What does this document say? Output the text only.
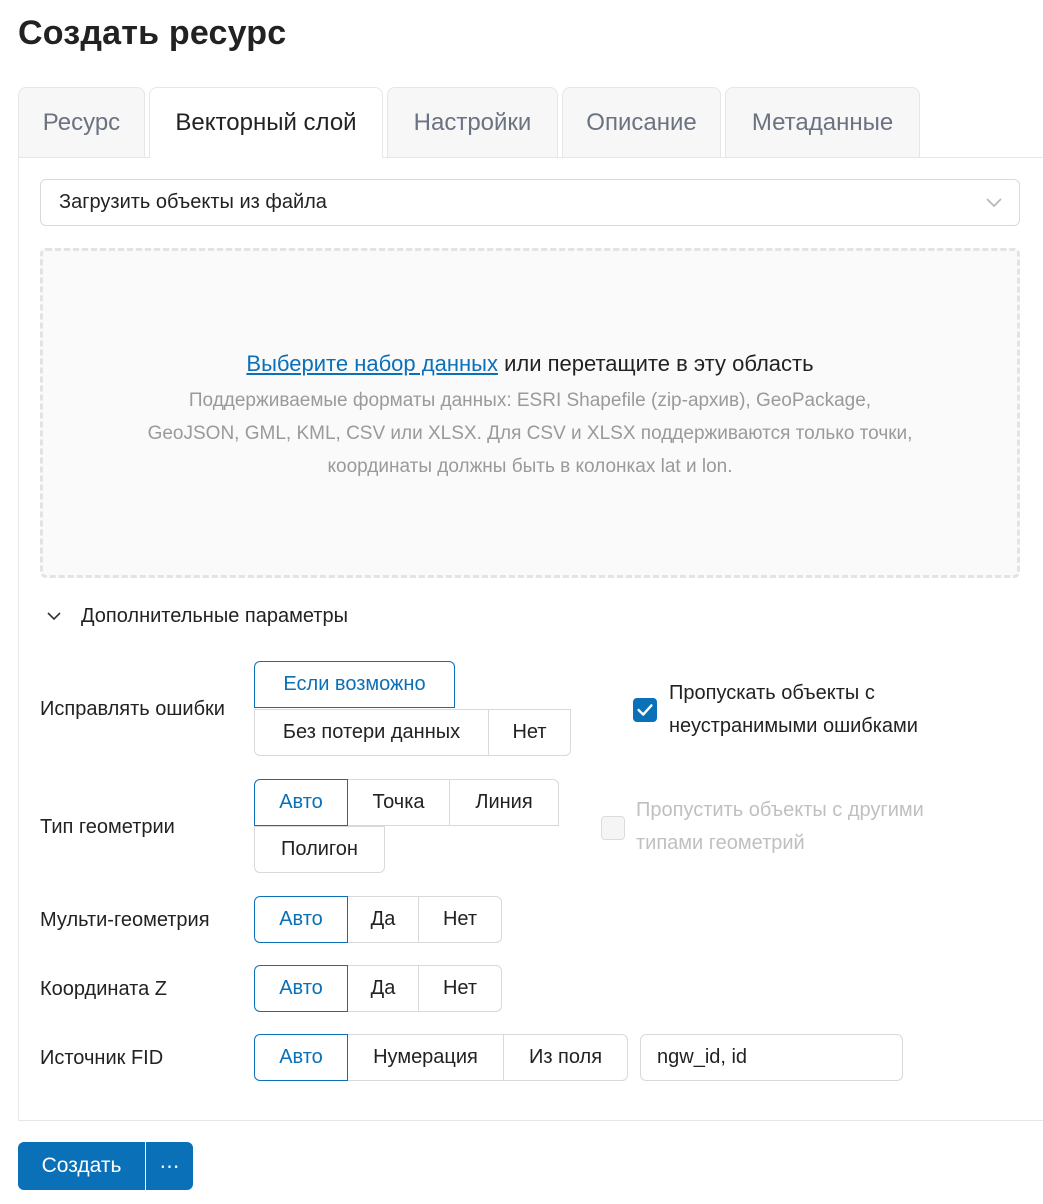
Создать ресурс
Ресурс	Векторный слой	Настройки	Описание	Метаданные
Загрузить объекты из файла
Выберите набор данных или перетащите в эту область
Поддерживаемые форматы данных: ESRI Shapefile (zip-архив), GeoPackage, GeoJSON, GML, KML, CSV или XLSX. Для CSV и XLSX поддерживаются только точки, координаты должны быть в колонках lat и lon.
Дополнительные параметры
Исправлять ошибки
Если возможно
Без потери данных	Нет
Пропускать объекты с неустранимыми ошибками
Тип геометрии
Авто	Точка	Линия
Полигон
Пропустить объекты с другими типами геометрий
Мульти-геометрия	Авто	Да	Нет
Координата Z	Авто	Да	Нет
Источник FID	Авто	Нумерация	Из поля
ngw_id, id
Создать	⋯
